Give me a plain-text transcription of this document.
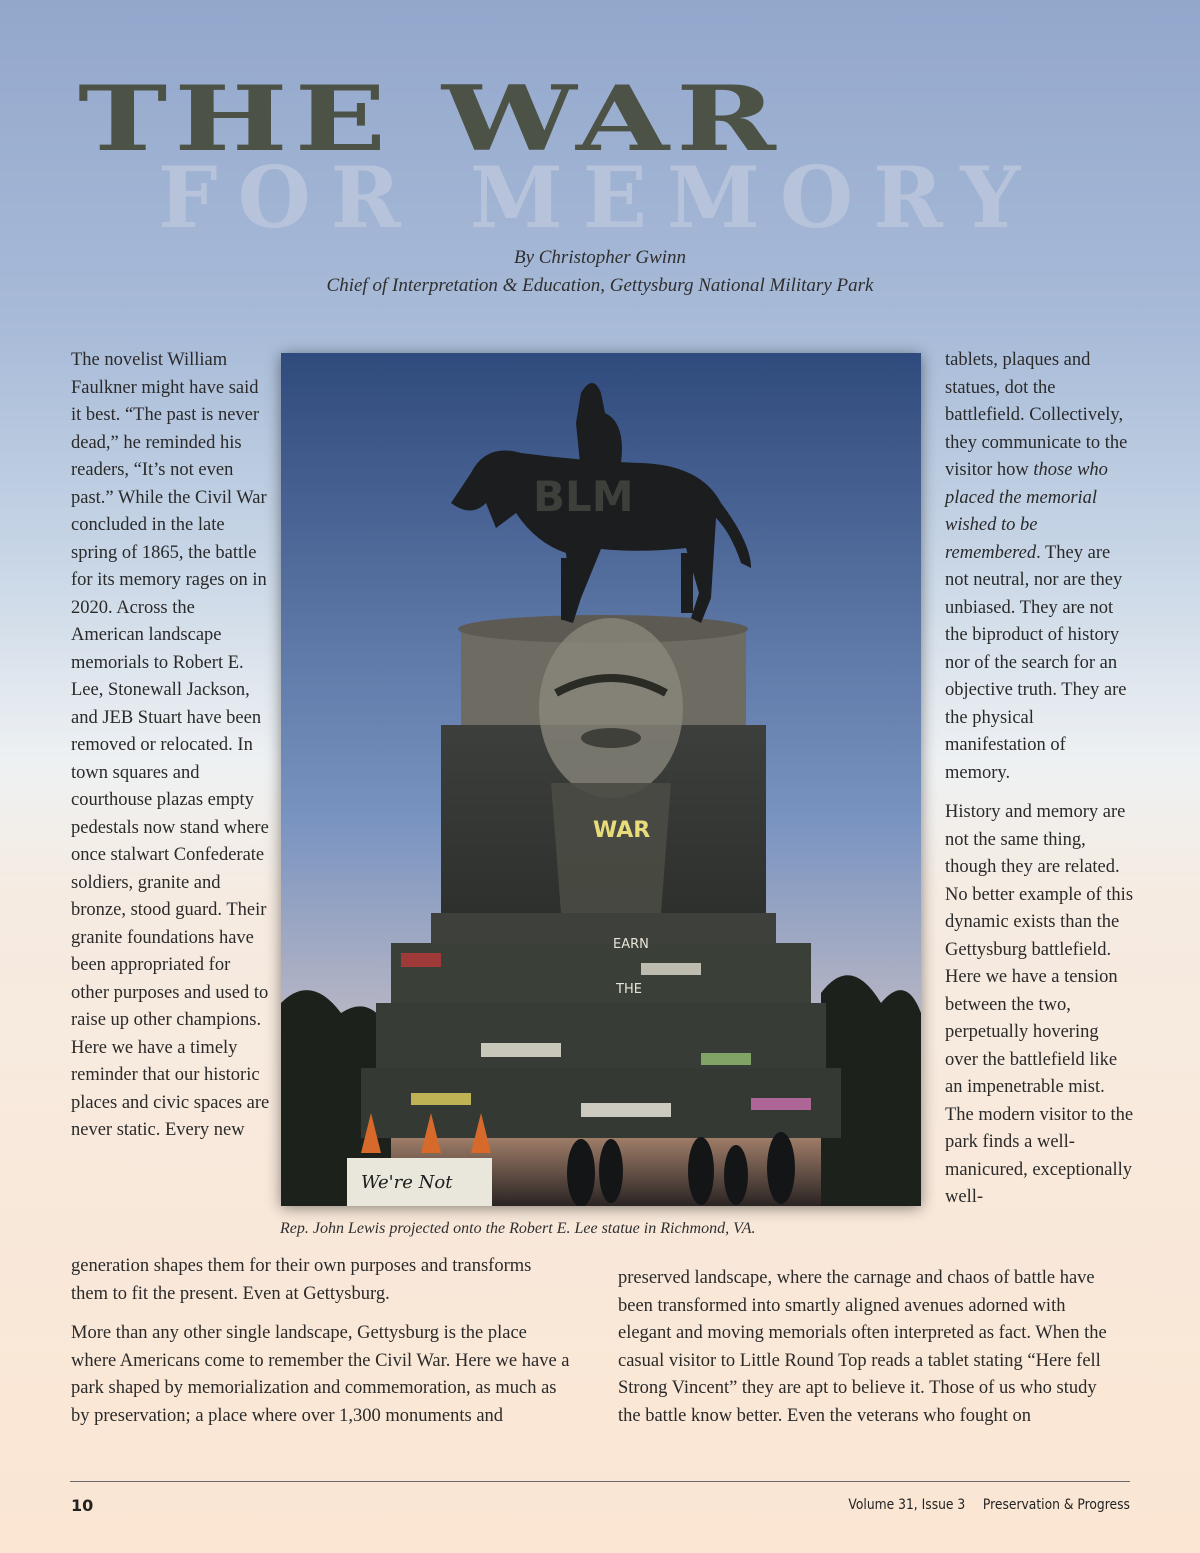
THE WAR
FOR MEMORY
By Christopher Gwinn
Chief of Interpretation & Education, Gettysburg National Military Park

The novelist William Faulkner might have said it best. “The past is never dead,” he reminded his readers, “It’s not even past.” While the Civil War concluded in the late spring of 1865, the battle for its memory rages on in 2020. Across the American landscape memorials to Robert E. Lee, Stonewall Jackson, and JEB Stuart have been removed or relocated. In town squares and courthouse plazas empty pedestals now stand where once stalwart Confederate soldiers, granite and bronze, stood guard. Their granite foundations have been appropriated for other purposes and used to raise up other champions. Here we have a timely reminder that our historic places and civic spaces are never static. Every new

WAR
EARN
THE
BLM
We're Not
Rep. John Lewis projected onto the Robert E. Lee statue in Richmond, VA.

tablets, plaques and statues, dot the battlefield. Collectively, they communicate to the visitor how those who placed the memorial wished to be remembered. They are not neutral, nor are they unbiased. They are not the biproduct of history nor of the search for an objective truth. They are the physical manifestation of memory.

History and memory are not the same thing, though they are related. No better example of this dynamic exists than the Gettysburg battlefield. Here we have a tension between the two, perpetually hovering over the battlefield like an impenetrable mist. The modern visitor to the park finds a well-manicured, exceptionally well-

generation shapes them for their own purposes and transforms them to fit the present. Even at Gettysburg.

More than any other single landscape, Gettysburg is the place where Americans come to remember the Civil War. Here we have a park shaped by memorialization and commemoration, as much as by preservation; a place where over 1,300 monuments and

preserved landscape, where the carnage and chaos of battle have been transformed into smartly aligned avenues adorned with elegant and moving memorials often interpreted as fact. When the casual visitor to Little Round Top reads a tablet stating “Here fell Strong Vincent” they are apt to believe it. Those of us who study the battle know better. Even the veterans who fought on

10	Volume 31, Issue 3 Preservation & Progress
